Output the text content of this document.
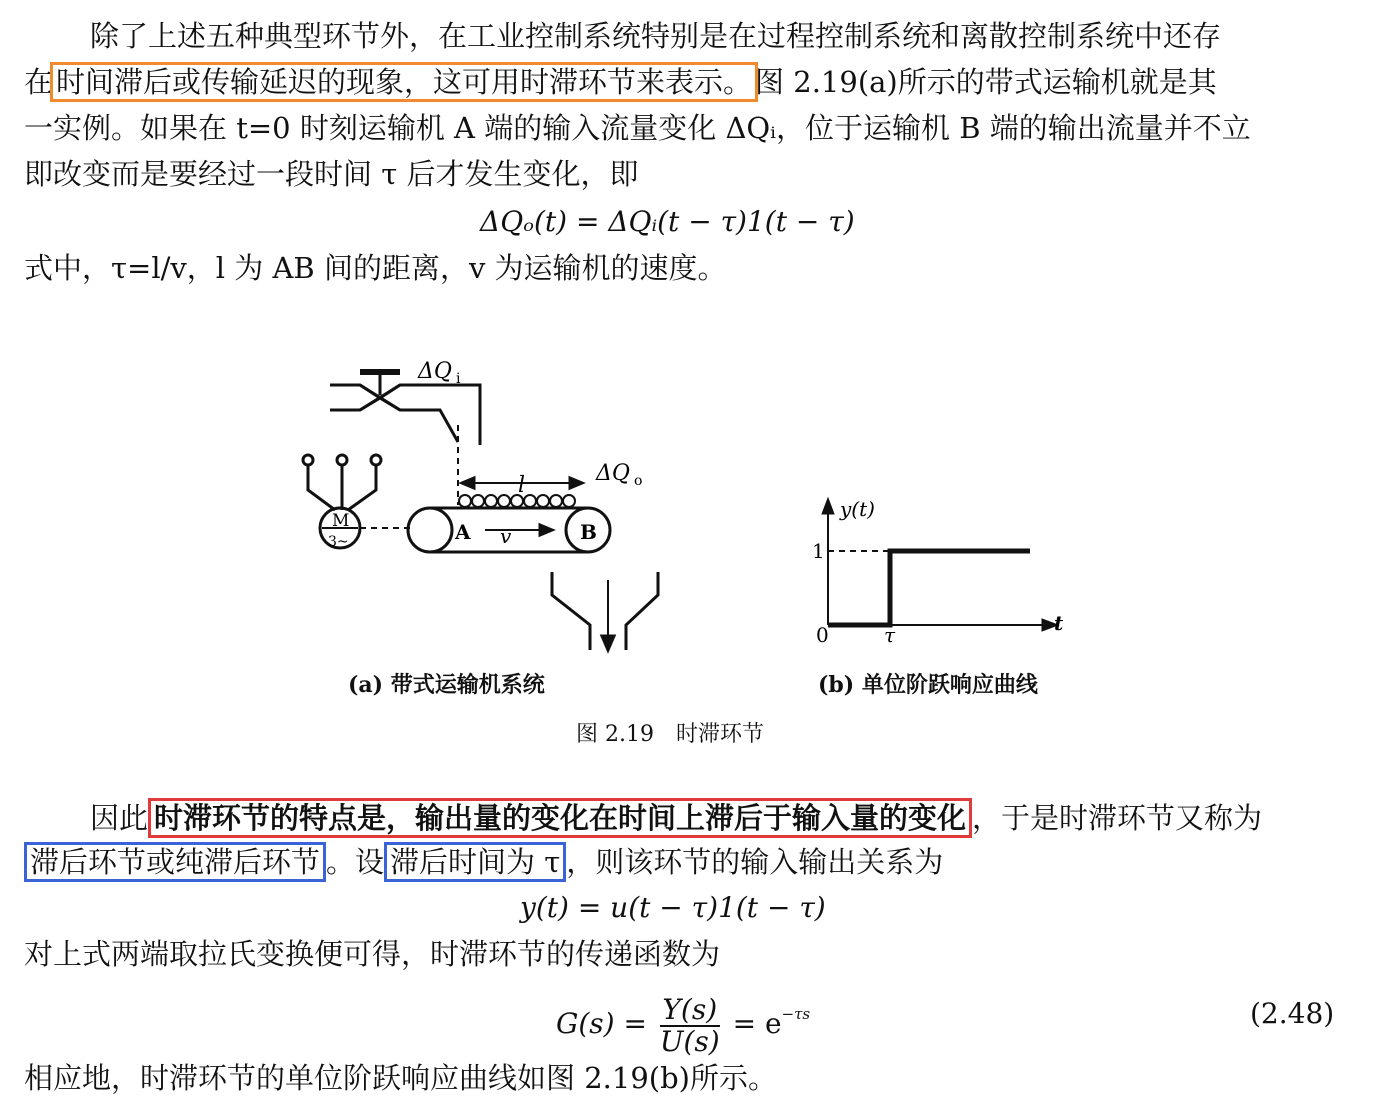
除了上述五种典型环节外，在工业控制系统特别是在过程控制系统和离散控制系统中还存
在 时间滞后或传输延迟的现象，这可用时滞环节来表示。 图 2.19(a)所示的带式运输机就是其
一实例。如果在 t=0 时刻运输机 A 端的输入流量变化 ΔQᵢ，位于运输机 B 端的输出流量并不立
即改变而是要经过一段时间 τ 后才发生变化，即
ΔQₒ(t) = ΔQᵢ(t − τ)1(t − τ)
式中，τ=l/v，l 为 AB 间的距离，v 为运输机的速度。
ΔQ i
ΔQ o
l
A	B
v
M
3~
y(t)
1
0	τ	t
(a) 带式运输机系统	(b) 单位阶跃响应曲线
图 2.19　时滞环节
因此 时滞环节的特点是，输出量的变化在时间上滞后于输入量的变化 ，于是时滞环节又称为
滞后环节或纯滞后环节 。设 滞后时间为 τ ，则该环节的输入输出关系为
y(t) = u(t − τ)1(t − τ)
对上式两端取拉氏变换便可得，时滞环节的传递函数为
$G(s) = \frac{Y(s)}{U(s)} = e^{-\tau s}$	(2.48)
相应地，时滞环节的单位阶跃响应曲线如图 2.19(b)所示。
